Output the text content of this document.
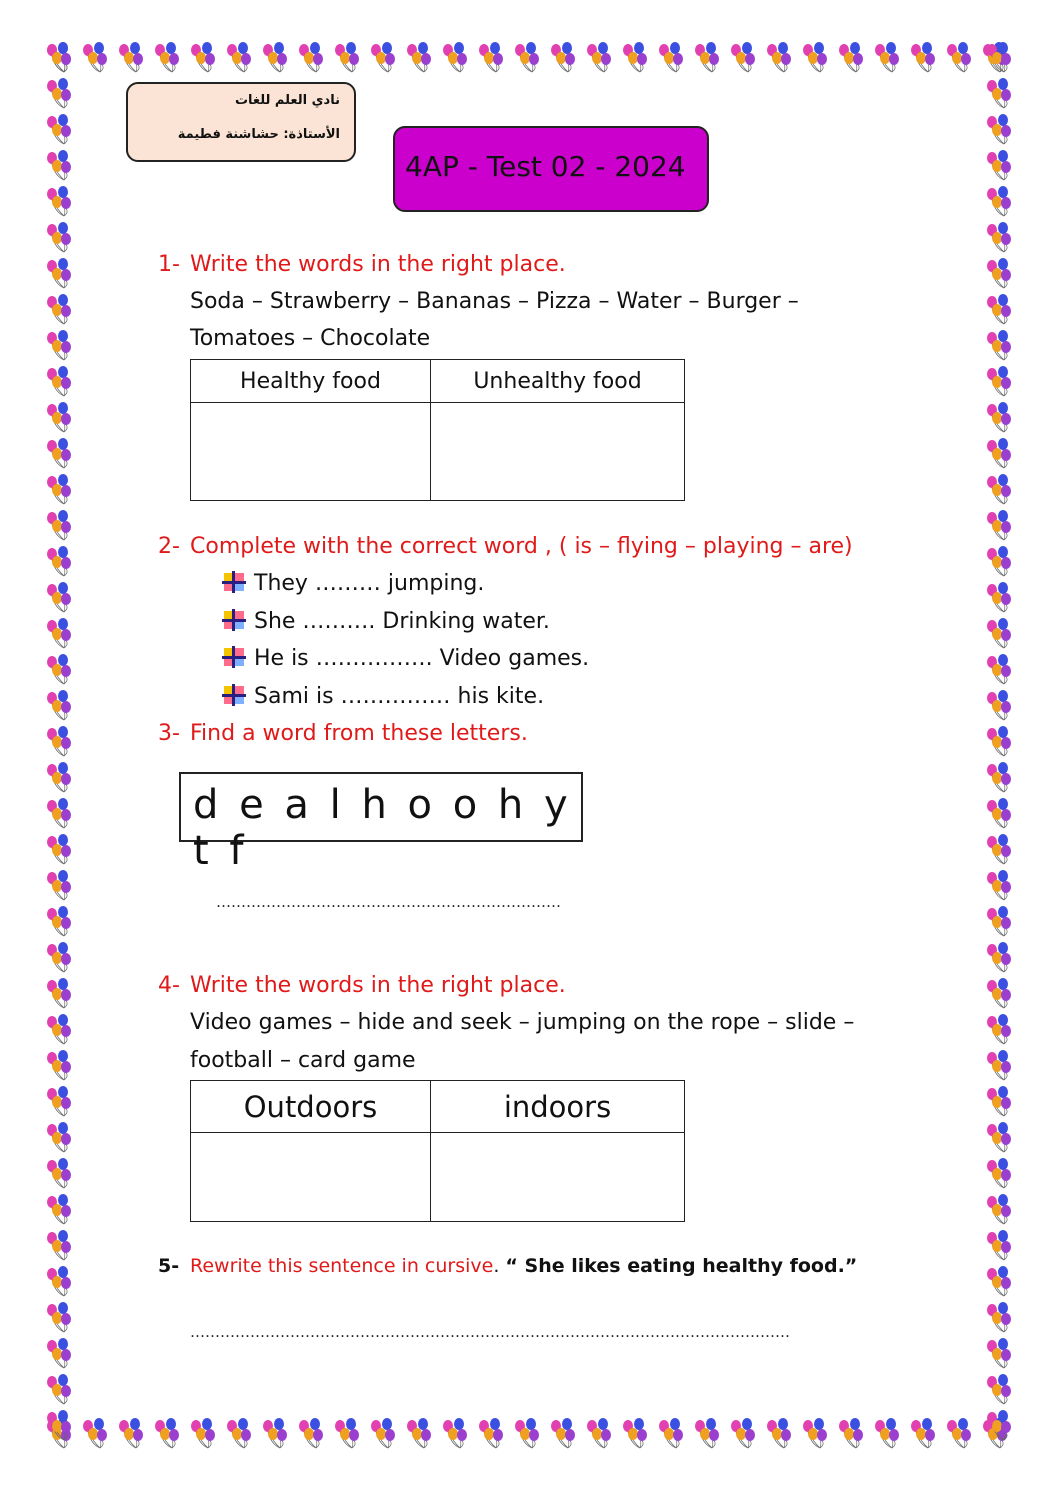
نادي العلم للغات
الأستاذة: حشاشنة فطيمة
4AP - Test 02 - 2024
1- Write the words in the right place.
Soda – Strawberry – Bananas – Pizza – Water – Burger –
Tomatoes – Chocolate
Healthy food	Unhealthy food

2- Complete with the correct word , ( is – flying – playing – are)
They ……… jumping.
She ………. Drinking water.
He is ……………. Video games.
Sami is …………… his kite.
3- Find a word from these letters.
d e a l h o o h y t f
……………………………………………………………
4- Write the words in the right place.
Video games – hide and seek – jumping on the rope – slide –
football – card game
Outdoors	indoors

5- Rewrite this sentence in cursive. “ She likes eating healthy food.”
…………………………………………………………………………………………………………
